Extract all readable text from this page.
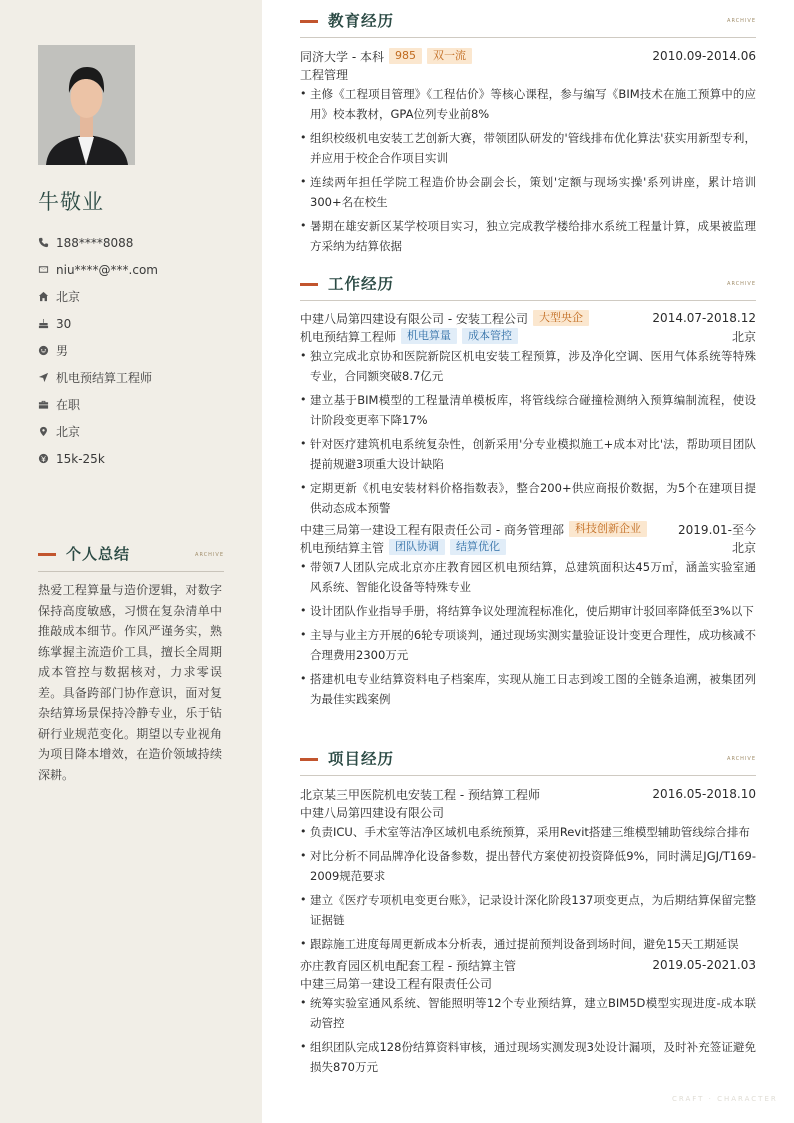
牛敬业
188****8088
niu****@***.com
北京
30
男
机电预结算工程师
在职
北京
15k-25k
个人总结	ARCHIVE
热爱工程算量与造价逻辑，对数字保持高度敏感，习惯在复杂清单中推敲成本细节。作风严谨务实，熟练掌握主流造价工具，擅长全周期成本管控与数据核对，力求零误差。具备跨部门协作意识，面对复杂结算场景保持冷静专业，乐于钻研行业规范变化。期望以专业视角为项目降本增效，在造价领域持续深耕。
教育经历	ARCHIVE
同济大学 - 本科	985	双一流	2010.09-2014.06
工程管理
• 主修《工程项目管理》《工程估价》等核心课程，参与编写《BIM技术在施工预算中的应用》校本教材，GPA位列专业前8%
• 组织校级机电安装工艺创新大赛，带领团队研发的'管线排布优化算法'获实用新型专利，并应用于校企合作项目实训
• 连续两年担任学院工程造价协会副会长，策划'定额与现场实操'系列讲座，累计培训300+名在校生
• 暑期在雄安新区某学校项目实习，独立完成教学楼给排水系统工程量计算，成果被监理方采纳为结算依据
工作经历	ARCHIVE
中建八局第四建设有限公司 - 安装工程公司	大型央企	2014.07-2018.12
机电预结算工程师	机电算量	成本管控	北京
• 独立完成北京协和医院新院区机电安装工程预算，涉及净化空调、医用气体系统等特殊专业，合同额突破8.7亿元
• 建立基于BIM模型的工程量清单模板库，将管线综合碰撞检测纳入预算编制流程，使设计阶段变更率下降17%
• 针对医疗建筑机电系统复杂性，创新采用'分专业模拟施工+成本对比'法，帮助项目团队提前规避3项重大设计缺陷
• 定期更新《机电安装材料价格指数表》，整合200+供应商报价数据，为5个在建项目提供动态成本预警
中建三局第一建设工程有限责任公司 - 商务管理部	科技创新企业	2019.01-至今
机电预结算主管	团队协调	结算优化	北京
• 带领7人团队完成北京亦庄教育园区机电预结算，总建筑面积达45万㎡，涵盖实验室通风系统、智能化设备等特殊专业
• 设计团队作业指导手册，将结算争议处理流程标准化，使后期审计驳回率降低至3%以下
• 主导与业主方开展的6轮专项谈判，通过现场实测实量验证设计变更合理性，成功核减不合理费用2300万元
• 搭建机电专业结算资料电子档案库，实现从施工日志到竣工图的全链条追溯，被集团列为最佳实践案例
项目经历	ARCHIVE
北京某三甲医院机电安装工程 - 预结算工程师	2016.05-2018.10
中建八局第四建设有限公司
• 负责ICU、手术室等洁净区域机电系统预算，采用Revit搭建三维模型辅助管线综合排布
• 对比分析不同品牌净化设备参数，提出替代方案使初投资降低9%，同时满足JGJ/T169-2009规范要求
• 建立《医疗专项机电变更台账》，记录设计深化阶段137项变更点，为后期结算保留完整证据链
• 跟踪施工进度每周更新成本分析表，通过提前预判设备到场时间，避免15天工期延误
亦庄教育园区机电配套工程 - 预结算主管	2019.05-2021.03
中建三局第一建设工程有限责任公司
• 统筹实验室通风系统、智能照明等12个专业预结算，建立BIM5D模型实现进度-成本联动管控
• 组织团队完成128份结算资料审核，通过现场实测发现3处设计漏项，及时补充签证避免损失870万元
CRAFT · CHARACTER
